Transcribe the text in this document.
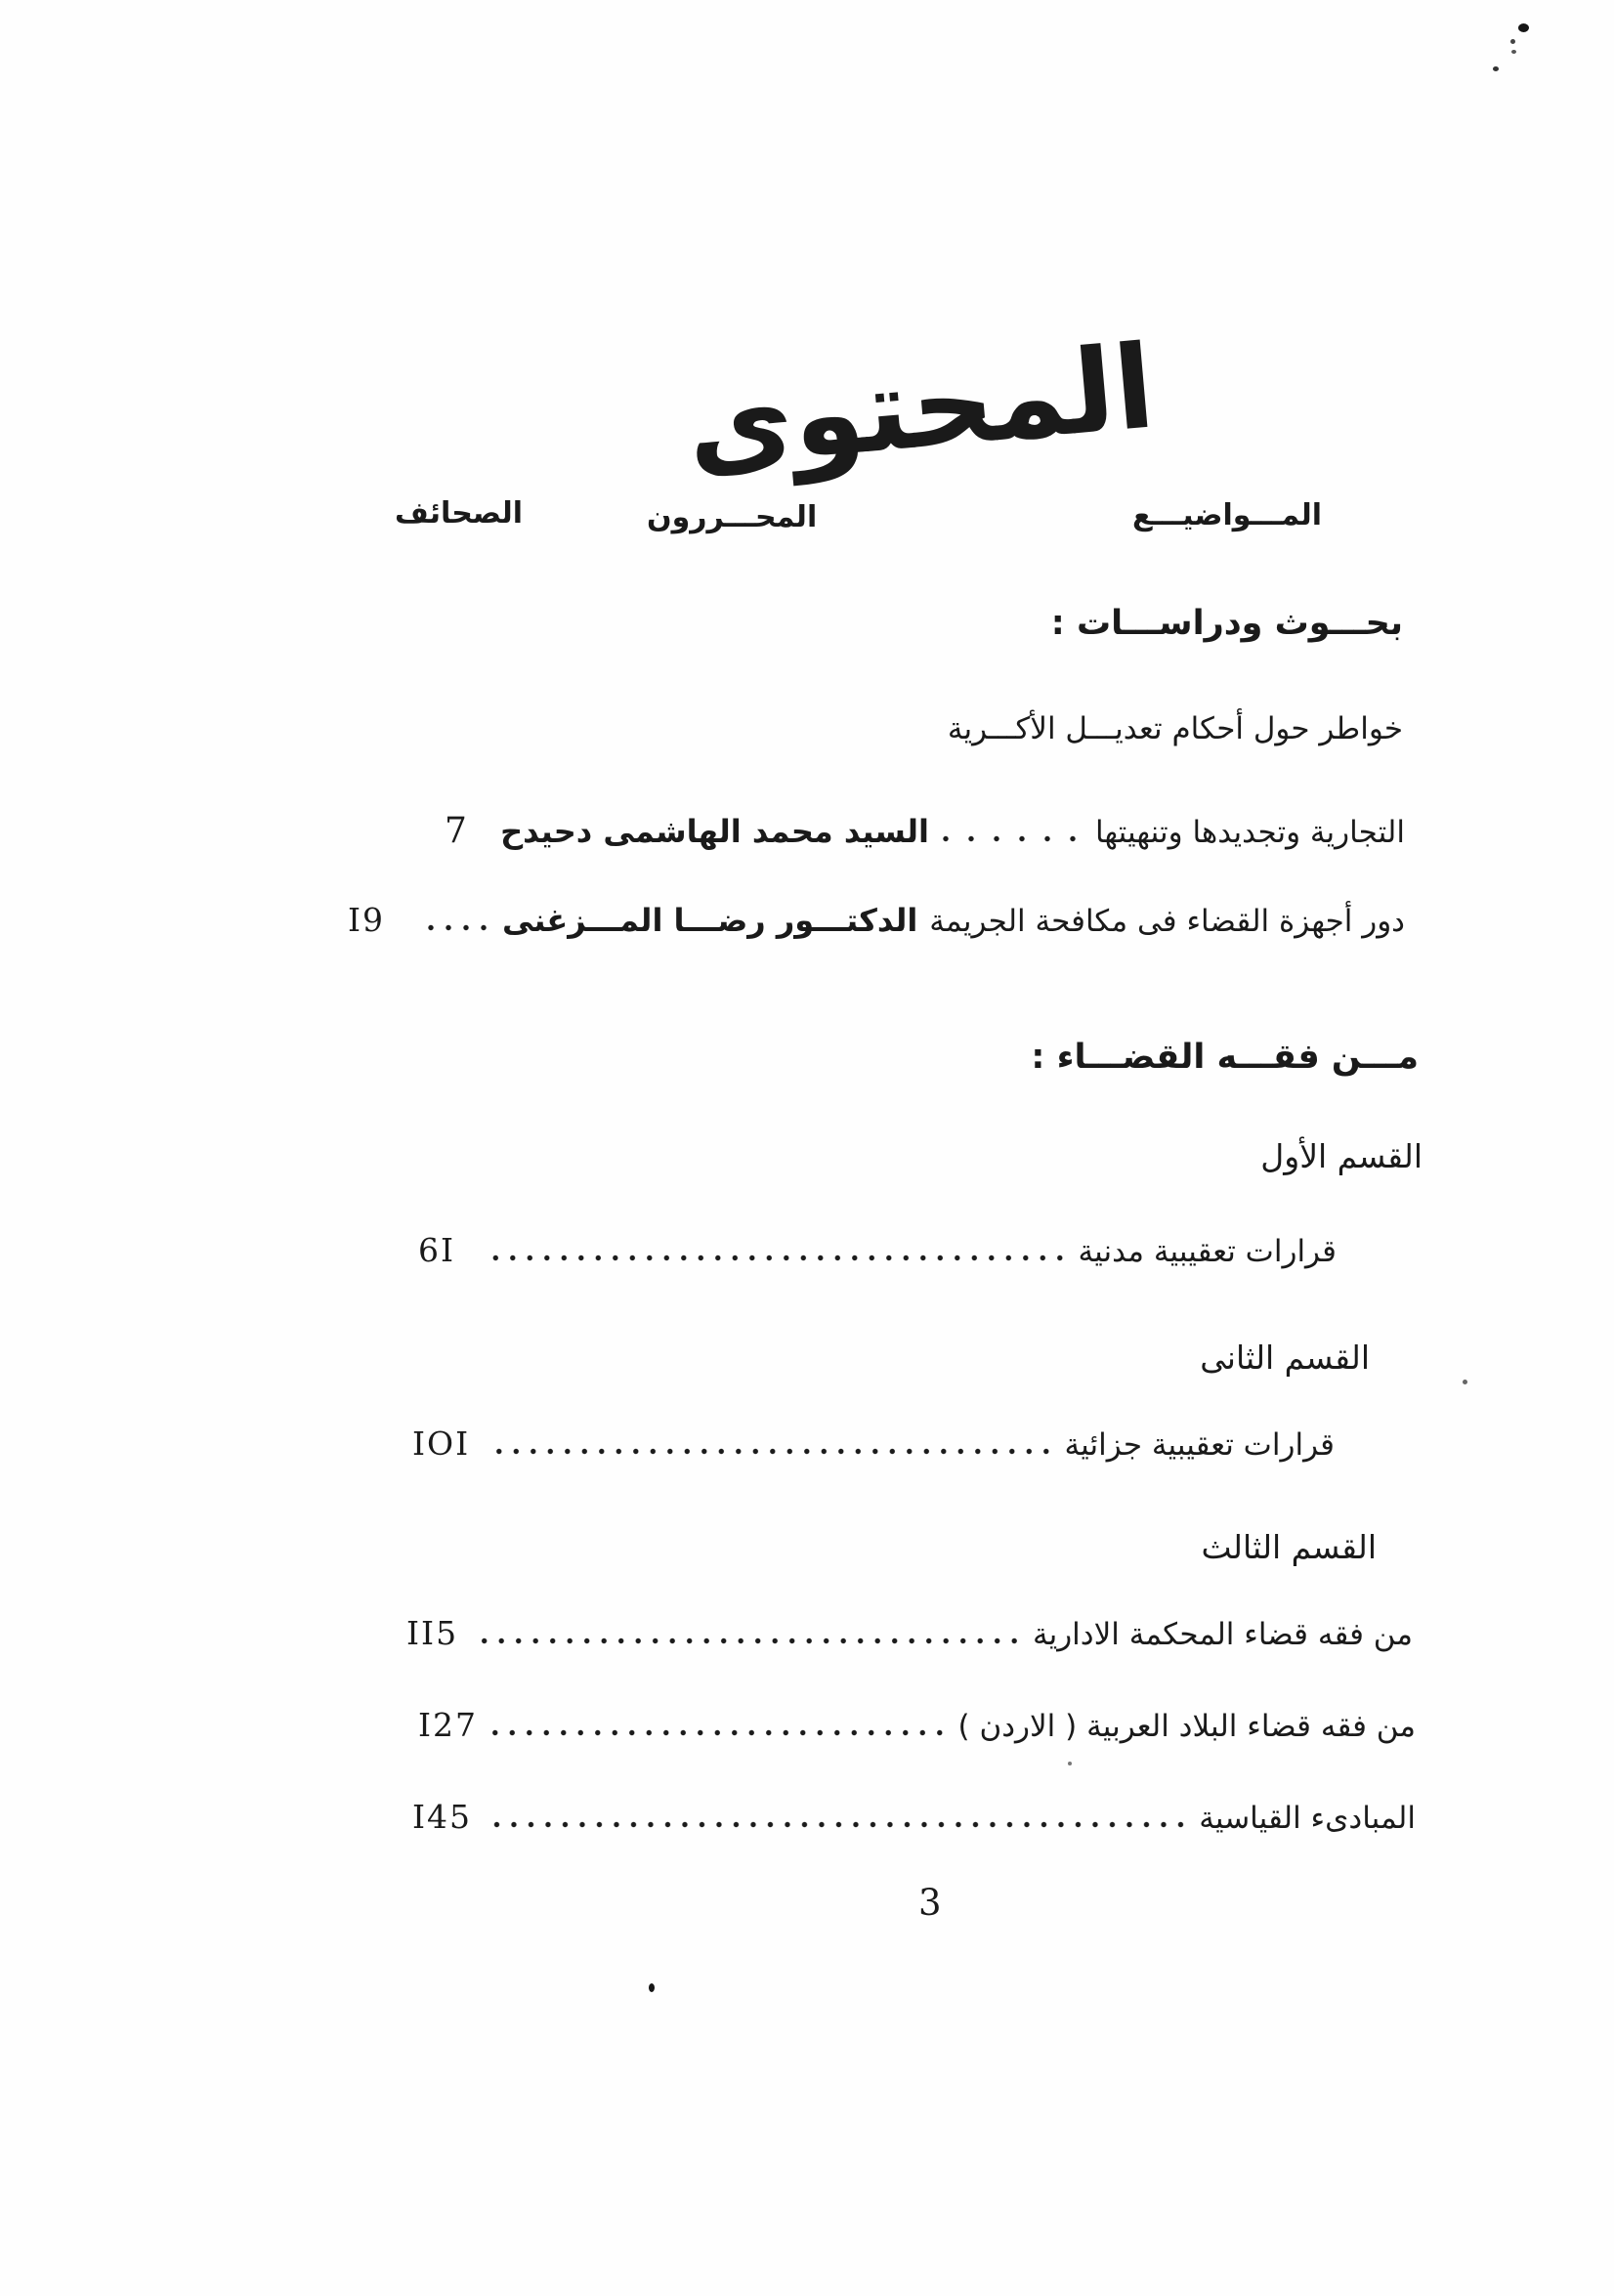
المحتوى
المـــواضيـــع
المحـــررون
الصحائف
بحـــوث ودراســـات :
خواطر حول أحكام تعديـــل الأكـــرية
التجارية وتجديدها وتنهيتها
السيد محمد الهاشمى دحيدح
7
دور أجهزة القضاء فى مكافحة الجريمة
الدكتـــور رضـــا المـــزغنى
I9
مـــن فقـــه القضـــاء :
القسم الأول
قرارات تعقيبية مدنية
6I
القسم الثانى
قرارات تعقيبية جزائية
IOI
القسم الثالث
من فقه قضاء المحكمة الادارية
II5
من فقه قضاء البلاد العربية ( الاردن )
I27
المبادىء القياسية
I45
3
